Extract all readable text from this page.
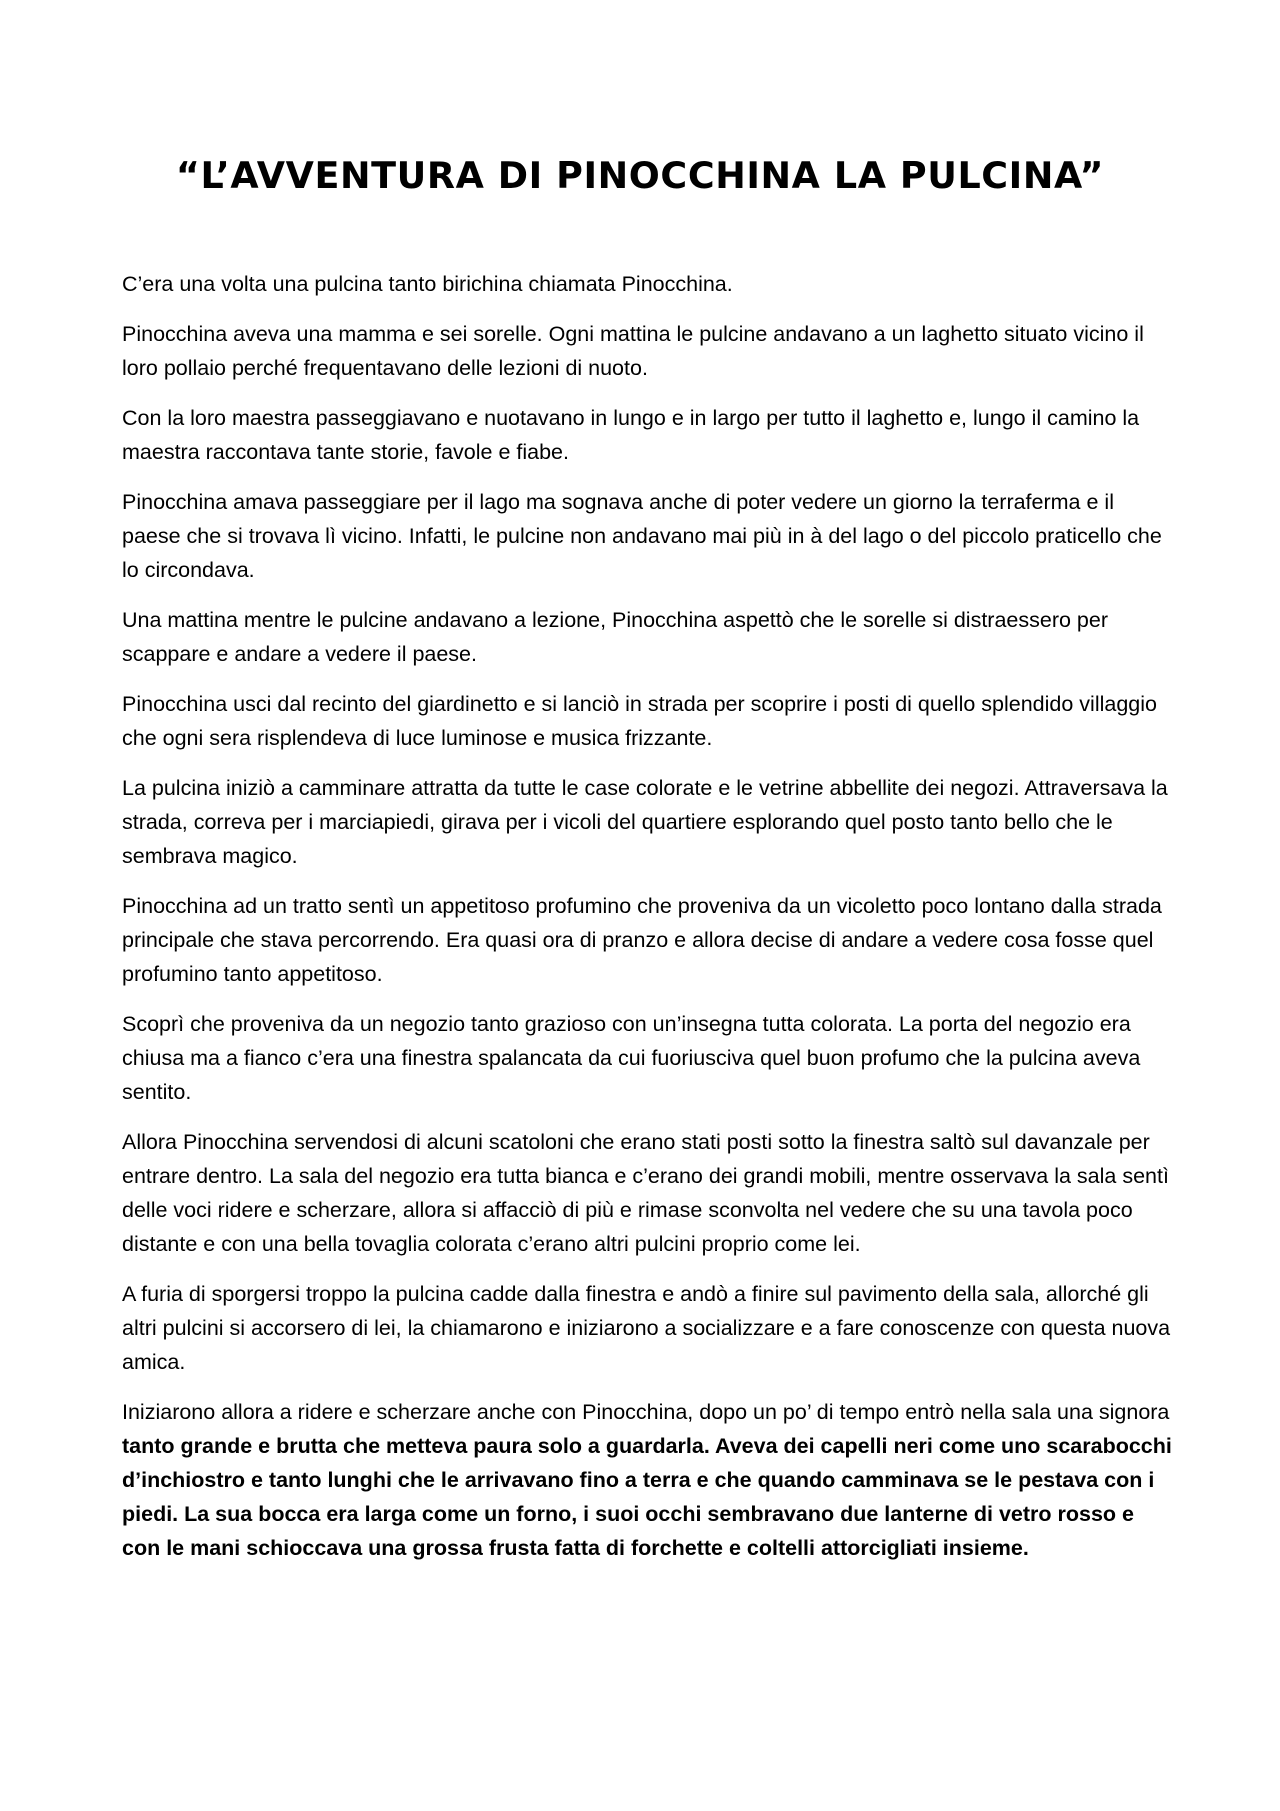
“L’AVVENTURA DI PINOCCHINA LA PULCINA”

C’era una volta una pulcina tanto birichina chiamata Pinocchina.

Pinocchina aveva una mamma e sei sorelle. Ogni mattina le pulcine andavano a un laghetto situato vicino il loro pollaio perché frequentavano delle lezioni di nuoto.

Con la loro maestra passeggiavano e nuotavano in lungo e in largo per tutto il laghetto e, lungo il camino la maestra raccontava tante storie, favole e fiabe.

Pinocchina amava passeggiare per il lago ma sognava anche di poter vedere un giorno la terraferma e il paese che si trovava lì vicino. Infatti, le pulcine non andavano mai più in à del lago o del piccolo praticello che lo circondava.

Una mattina mentre le pulcine andavano a lezione, Pinocchina aspettò che le sorelle si distraessero per scappare e andare a vedere il paese.

Pinocchina usci dal recinto del giardinetto e si lanciò in strada per scoprire i posti di quello splendido villaggio che ogni sera risplendeva di luce luminose e musica frizzante.

La pulcina iniziò a camminare attratta da tutte le case colorate e le vetrine abbellite dei negozi. Attraversava la strada, correva per i marciapiedi, girava per i vicoli del quartiere esplorando quel posto tanto bello che le sembrava magico.

Pinocchina ad un tratto sentì un appetitoso profumino che proveniva da un vicoletto poco lontano dalla strada principale che stava percorrendo. Era quasi ora di pranzo e allora decise di andare a vedere cosa fosse quel profumino tanto appetitoso.

Scoprì che proveniva da un negozio tanto grazioso con un’insegna tutta colorata. La porta del negozio era chiusa ma a fianco c’era una finestra spalancata da cui fuoriusciva quel buon profumo che la pulcina aveva sentito.

Allora Pinocchina servendosi di alcuni scatoloni che erano stati posti sotto la finestra saltò sul davanzale per entrare dentro. La sala del negozio era tutta bianca e c’erano dei grandi mobili, mentre osservava la sala sentì delle voci ridere e scherzare, allora si affacciò di più e rimase sconvolta nel vedere che su una tavola poco distante e con una bella tovaglia colorata c’erano altri pulcini proprio come lei.

A furia di sporgersi troppo la pulcina cadde dalla finestra e andò a finire sul pavimento della sala, allorché gli altri pulcini si accorsero di lei, la chiamarono e iniziarono a socializzare e a fare conoscenze con questa nuova amica.

Iniziarono allora a ridere e scherzare anche con Pinocchina, dopo un po’ di tempo entrò nella sala una signora tanto grande e brutta che metteva paura solo a guardarla. Aveva dei capelli neri come uno scarabocchi d’inchiostro e tanto lunghi che le arrivavano fino a terra e che quando camminava se le pestava con i piedi. La sua bocca era larga come un forno, i suoi occhi sembravano due lanterne di vetro rosso e con le mani schioccava una grossa frusta fatta di forchette e coltelli attorcigliati insieme.
